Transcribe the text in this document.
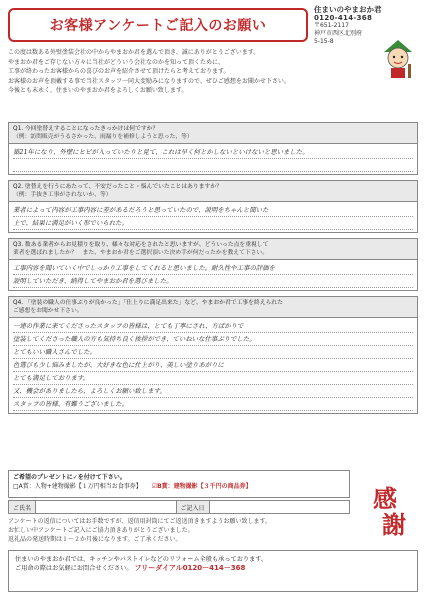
お客様アンケートご記入のお願い
住まいのやまおか君
0120-414-368
〒651-2117
神戸市西区北別府
5-15-8
この度は数ある外壁塗装会社の中からやまおか君を選んで頂き、誠にありがとうございます。
やまおか君をご存じない方々に当社がどういう会社なのかを知って頂くために、
工事が終わったお客様からの喜びのお声を紹介させて頂けたらと考えております。
お客様のお声を頂戴する事で当社スタッフ一同大変励みになりますので、ぜひご感想をお聞かせ下さい。
今後とも末永く、住まいのやまおか君をよろしくお願い致します。
Q1. 今回塗替えすることになったきっかけは何ですか？
（例：訪問販売がうるさかった、雨漏りを補修しようと思った、等）
築21年になり、外壁にヒビが入っていたりと見て、これは早く何とかしないといけないと思いました。
Q2. 塗替えを行うにあたって、不安だったこと・悩んでいたことはありますか？
（例：手抜き工事がされないか、等）
業者によって内容が工事内容に差があるだろうと思っていたので、説明をちゃんと聞いた
上で、結果に満足がいく形でいられた。
Q3. 数ある業者からお見積りを取り、様々な対応をされたと思いますが、どういった点を重視して
業者を選ばれましたか？　また、やまおか君をご選択頂いた決め手が何だったかを教えて下さい。
工事内容を聞いていく中でしっかり工事をしてくれると思いました。耐久性や工事の評価を
説明していただき、納得してやまおか君を選びました。
Q4. 「塗装の職人の仕事ぶりが良かった」「仕上りに満足出来た」など、やまおか君で工事を終えられた
ご感想をお聞かせ下さい。
一連の作業に来てくださったスタッフの皆様は、とても丁寧にされ、方ばかりで
塗装してくださった職人の方も気持ち良く挨拶ができ、ていねいな仕事ぶりでした。
とてもいい職人さんでした。
色選びも少し悩みましたが、大好きな色に仕上がり、美しい塗りあがりに
とても満足しております。
又、機会がありましたら、よろしくお願い致します。
スタッフの皆様、有難うございました。
ご希望のプレゼントに✓を付けて下さい。
□A賞：人物+建物撮影【１万円相当お食事券】 ☑B賞：建物撮影【３千円の商品券】
ご氏名	ご記入日
アンケートの返信についてはお手数ですが、返信用封筒にてご返送頂きますようお願い致します。
お忙しい中アンケートご記入にご協力頂きありがとうございました。
返礼品の発送時期は１～２か月後になります。ご了承ください。
感
謝
住まいのやまおか君では、キッチンやバストイレなどのリフォーム全般も承っております。
ご用命の際はお気軽にお問合せください。 フリーダイアル0120－414－368
